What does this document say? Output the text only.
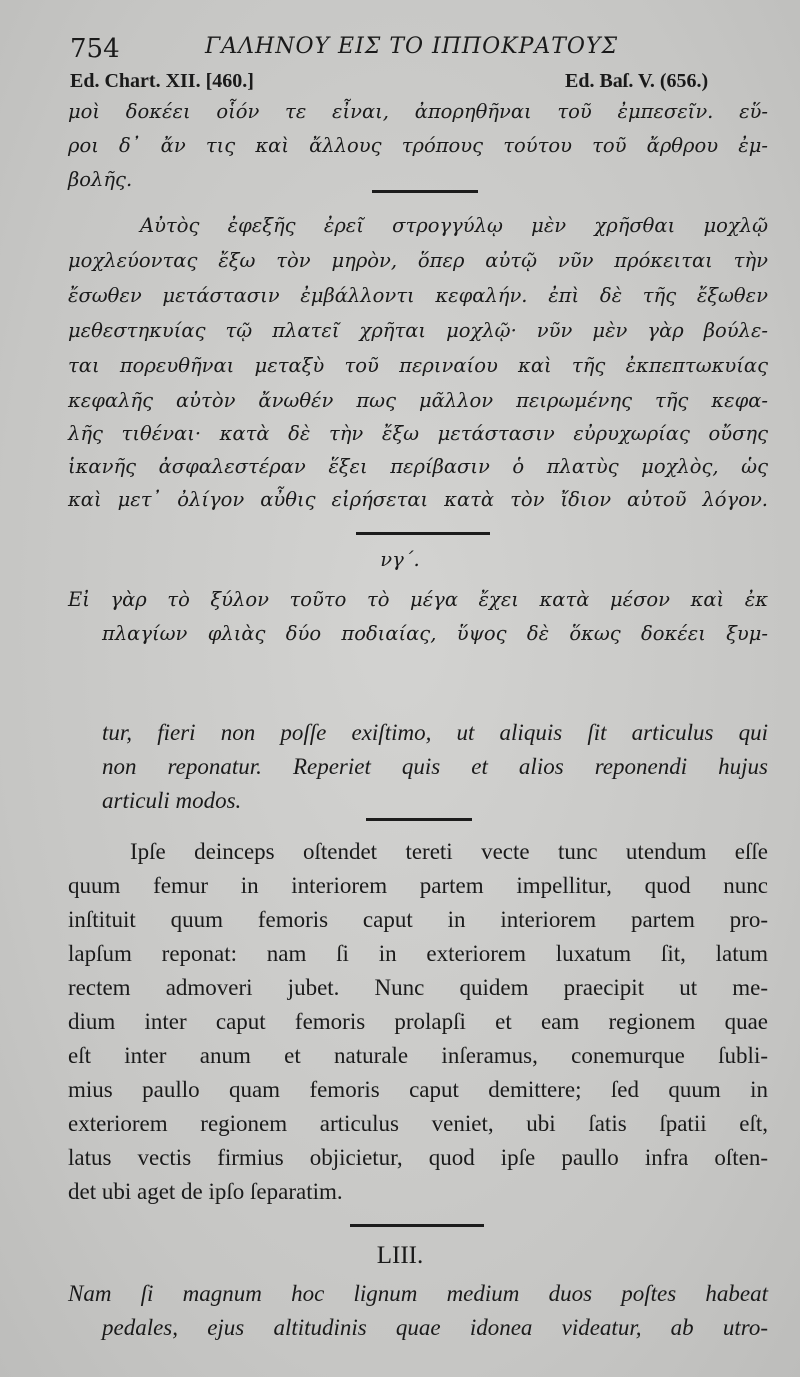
754	ΓΑΛΗΝΟΥ ΕΙΣ ΤΟ ΙΠΠΟΚΡΑΤΟΥΣ
Ed. Chart. XII. [460.]	Ed. Baſ. V. (656.)
μοὶ δοκέει οἷόν τε εἶναι, ἀπορηθῆναι τοῦ ἐμπεσεῖν. εὕ-
ροι δ᾽ ἄν τις καὶ ἄλλους τρόπους τούτου τοῦ ἄρθρου ἐμ-
βολῆς.
Αὐτὸς ἐφεξῆς ἐρεῖ στρογγύλῳ μὲν χρῆσθαι μοχλῷ
μοχλεύοντας ἔξω τὸν μηρὸν, ὅπερ αὐτῷ νῦν πρόκειται τὴν
ἔσωθεν μετάστασιν ἐμβάλλοντι κεφαλήν. ἐπὶ δὲ τῆς ἔξωθεν
μεθεστηκυίας τῷ πλατεῖ χρῆται μοχλῷ· νῦν μὲν γὰρ βούλε-
ται πορευθῆναι μεταξὺ τοῦ περιναίου καὶ τῆς ἐκπεπτωκυίας
κεφαλῆς αὐτὸν ἄνωθέν πως μᾶλλον πειρωμένης τῆς κεφα-
λῆς τιθέναι· κατὰ δὲ τὴν ἔξω μετάστασιν εὐρυχωρίας οὔσης
ἱκανῆς ἀσφαλεστέραν ἕξει περίβασιν ὁ πλατὺς μοχλὸς, ὡς
καὶ μετ᾽ ὀλίγον αὖθις εἰρήσεται κατὰ τὸν ἴδιον αὐτοῦ λόγον.
νγ΄.
Εἰ γὰρ τὸ ξύλον τοῦτο τὸ μέγα ἔχει κατὰ μέσον καὶ ἐκ
πλαγίων φλιὰς δύο ποδιαίας, ὕψος δὲ ὅκως δοκέει ξυμ-
tur, fieri non poſſe exiſtimo, ut aliquis ſit articulus qui
non reponatur. Reperiet quis et alios reponendi hujus
articuli modos.
Ipſe deinceps oſtendet tereti vecte tunc utendum eſſe
quum femur in interiorem partem impellitur, quod nunc
inſtituit quum femoris caput in interiorem partem pro-
lapſum reponat: nam ſi in exteriorem luxatum ſit, latum
rectem admoveri jubet. Nunc quidem praecipit ut me-
dium inter caput femoris prolapſi et eam regionem quae
eſt inter anum et naturale inſeramus, conemurque ſubli-
mius paullo quam femoris caput demittere; ſed quum in
exteriorem regionem articulus veniet, ubi ſatis ſpatii eſt,
latus vectis firmius objicietur, quod ipſe paullo infra oſten-
det ubi aget de ipſo ſeparatim.
LIII.
Nam ſi magnum hoc lignum medium duos poſtes habeat
pedales, ejus altitudinis quae idonea videatur, ab utro-
